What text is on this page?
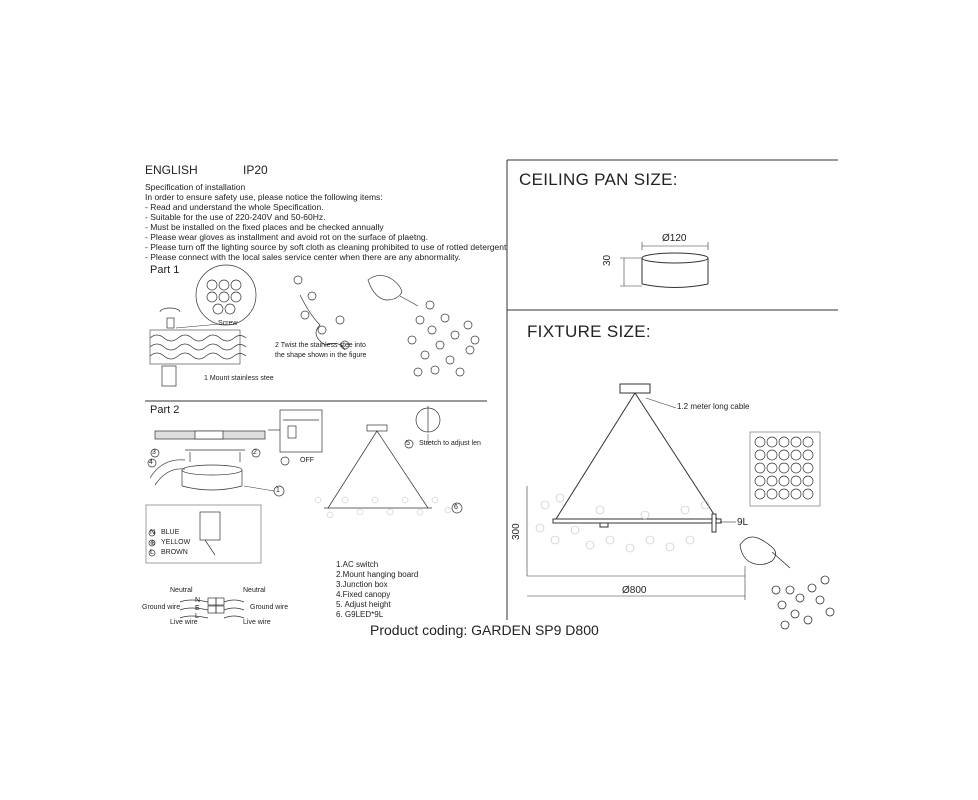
ENGLISH	IP20
Specification of installation
In order to ensure safety use, please notice the following items:
- Read and understand the whole Specification.
- Suitable for the use of 220-240V and 50-60Hz.
- Must be installed on the fixed places and be checked annually
- Please wear gloves as installment and avoid rot on the surface of plaetng.
- Please turn off the lighting source by soft cloth as cleaning prohibited to use of rotted detergent
- Please connect with the local sales service center when there are any abnormality.
Part 1
Screw
1 Mount stainless stee
2 Twist the stainless stee into
the shape shown in the figure
Part 2
OFF
Stretch to adjust len
3	2
1
4
5
6
N BLUE
⊕ YELLOW
L BROWN
Neutral	Neutral
Ground wire	Ground wire
Live wire	Live wire
N
E
L
1.AC switch
2.Mount hanging board
3.Junction box
4.Fixed canopy
5. Adjust height
6. G9LED*9L
CEILING PAN SIZE:
Ø120
30
FIXTURE SIZE:
1.2 meter long cable
300
Ø800
9L
Product coding: GARDEN SP9 D800
